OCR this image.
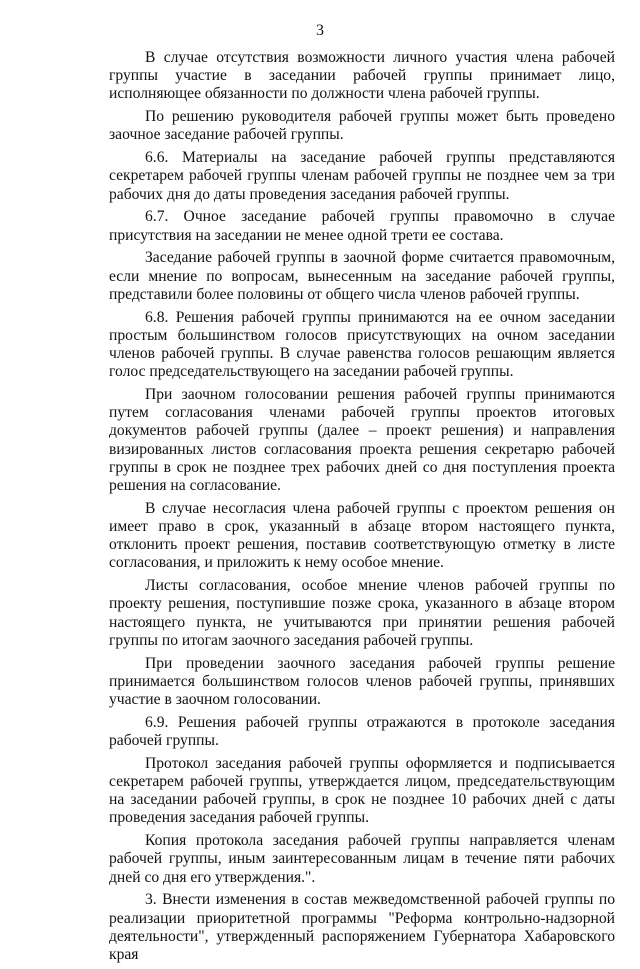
3

В случае отсутствия возможности личного участия члена рабочей группы участие в заседании рабочей группы принимает лицо, исполняющее обязанности по должности члена рабочей группы.

По решению руководителя рабочей группы может быть проведено заочное заседание рабочей группы.

6.6. Материалы на заседание рабочей группы представляются секретарем рабочей группы членам рабочей группы не позднее чем за три рабочих дня до даты проведения заседания рабочей группы.

6.7. Очное заседание рабочей группы правомочно в случае присутствия на заседании не менее одной трети ее состава.

Заседание рабочей группы в заочной форме считается правомочным, если мнение по вопросам, вынесенным на заседание рабочей группы, представили более половины от общего числа членов рабочей группы.

6.8. Решения рабочей группы принимаются на ее очном заседании простым большинством голосов присутствующих на очном заседании членов рабочей группы. В случае равенства голосов решающим является голос председательствующего на заседании рабочей группы.

При заочном голосовании решения рабочей группы принимаются путем согласования членами рабочей группы проектов итоговых документов рабочей группы (далее – проект решения) и направления визированных листов согласования проекта решения секретарю рабочей группы в срок не позднее трех рабочих дней со дня поступления проекта решения на согласование.

В случае несогласия члена рабочей группы с проектом решения он имеет право в срок, указанный в абзаце втором настоящего пункта, отклонить проект решения, поставив соответствующую отметку в листе согласования, и приложить к нему особое мнение.

Листы согласования, особое мнение членов рабочей группы по проекту решения, поступившие позже срока, указанного в абзаце втором настоящего пункта, не учитываются при принятии решения рабочей группы по итогам заочного заседания рабочей группы.

При проведении заочного заседания рабочей группы решение принимается большинством голосов членов рабочей группы, принявших участие в заочном голосовании.

6.9. Решения рабочей группы отражаются в протоколе заседания рабочей группы.

Протокол заседания рабочей группы оформляется и подписывается секретарем рабочей группы, утверждается лицом, председательствующим на заседании рабочей группы, в срок не позднее 10 рабочих дней с даты проведения заседания рабочей группы.

Копия протокола заседания рабочей группы направляется членам рабочей группы, иным заинтересованным лицам в течение пяти рабочих дней со дня его утверждения.".

3. Внести изменения в состав межведомственной рабочей группы по реализации приоритетной программы "Реформа контрольно-надзорной деятельности", утвержденный распоряжением Губернатора Хабаровского края
